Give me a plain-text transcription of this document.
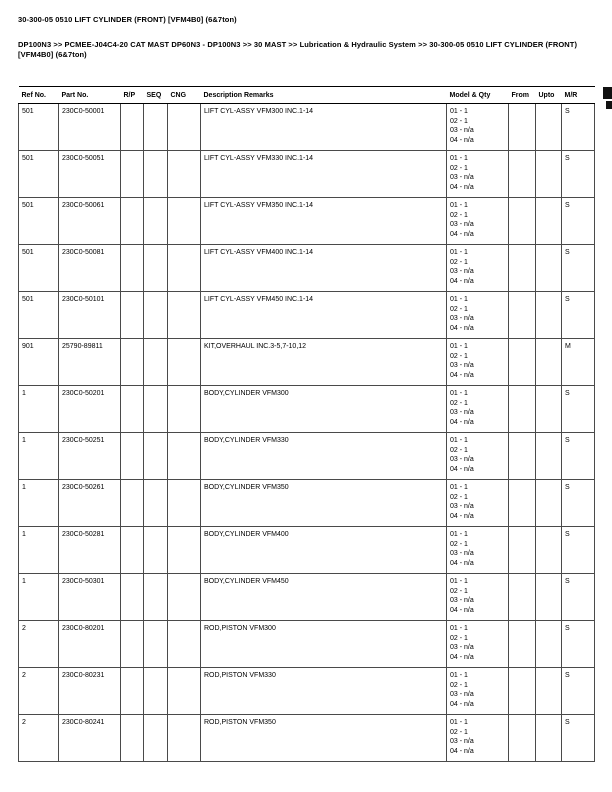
30-300-05 0510 LIFT CYLINDER (FRONT) [VFM4B0] (6&7ton)
DP100N3 >> PCMEE-J04C4-20 CAT MAST DP60N3 - DP100N3 >> 30 MAST >> Lubrication & Hydraulic System >> 30-300-05 0510 LIFT CYLINDER (FRONT) [VFM4B0] (6&7ton)
Ref No.	Part No.	R/P	SEQ	CNG	Description Remarks	Model & Qty	From	Upto	M/R
501	230C0-50001				LIFT CYL-ASSY VFM300 INC.1-14	01 - 1
02 - 1
03 - n/a
04 - n/a			S
501	230C0-50051				LIFT CYL-ASSY VFM330 INC.1-14	01 - 1
02 - 1
03 - n/a
04 - n/a			S
501	230C0-50061				LIFT CYL-ASSY VFM350 INC.1-14	01 - 1
02 - 1
03 - n/a
04 - n/a			S
501	230C0-50081				LIFT CYL-ASSY VFM400 INC.1-14	01 - 1
02 - 1
03 - n/a
04 - n/a			S
501	230C0-50101				LIFT CYL-ASSY VFM450 INC.1-14	01 - 1
02 - 1
03 - n/a
04 - n/a			S
901	25790-89811				KIT,OVERHAUL INC.3-5,7-10,12	01 - 1
02 - 1
03 - n/a
04 - n/a			M
1	230C0-50201				BODY,CYLINDER VFM300	01 - 1
02 - 1
03 - n/a
04 - n/a			S
1	230C0-50251				BODY,CYLINDER VFM330	01 - 1
02 - 1
03 - n/a
04 - n/a			S
1	230C0-50261				BODY,CYLINDER VFM350	01 - 1
02 - 1
03 - n/a
04 - n/a			S
1	230C0-50281				BODY,CYLINDER VFM400	01 - 1
02 - 1
03 - n/a
04 - n/a			S
1	230C0-50301				BODY,CYLINDER VFM450	01 - 1
02 - 1
03 - n/a
04 - n/a			S
2	230C0-80201				ROD,PISTON VFM300	01 - 1
02 - 1
03 - n/a
04 - n/a			S
2	230C0-80231				ROD,PISTON VFM330	01 - 1
02 - 1
03 - n/a
04 - n/a			S
2	230C0-80241				ROD,PISTON VFM350	01 - 1
02 - 1
03 - n/a
04 - n/a			S
